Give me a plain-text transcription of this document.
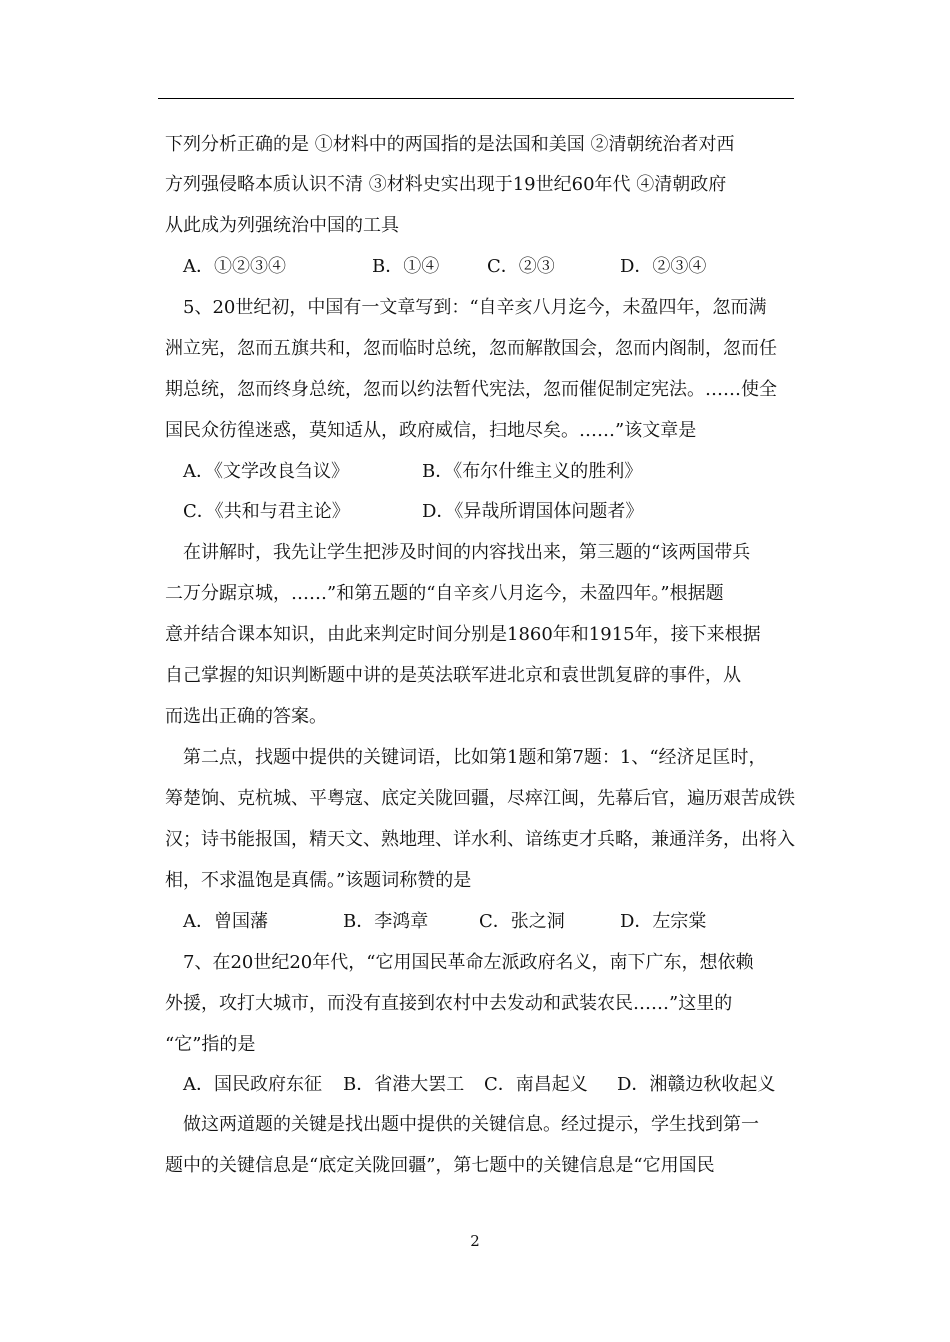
下列分析正确的是 ①材料中的两国指的是法国和美国 ②清朝统治者对西
方列强侵略本质认识不清 ③材料史实出现于19世纪60年代 ④清朝政府
从此成为列强统治中国的工具
A．①②③④	B．①④	C．②③	D．②③④
5、20世纪初，中国有一文章写到：“自辛亥八月迄今，未盈四年，忽而满
洲立宪，忽而五旗共和，忽而临时总统，忽而解散国会，忽而内阁制，忽而任
期总统，忽而终身总统，忽而以约法暂代宪法，忽而催促制定宪法。……使全
国民众彷徨迷惑，莫知适从，政府威信，扫地尽矣。……”该文章是
A．《文学改良刍议》	B．《布尔什维主义的胜利》
C．《共和与君主论》	D．《异哉所谓国体问题者》
在讲解时，我先让学生把涉及时间的内容找出来，第三题的“该两国带兵
二万分踞京城，……”和第五题的“自辛亥八月迄今，未盈四年。”根据题
意并结合课本知识，由此来判定时间分别是1860年和1915年，接下来根据
自己掌握的知识判断题中讲的是英法联军进北京和袁世凯复辟的事件，从
而选出正确的答案。
第二点，找题中提供的关键词语，比如第1题和第7题：1、“经济足匡时，
筹楚饷、克杭城、平粤寇、底定关陇回疆，尽瘁江闽，先幕后官，遍历艰苦成铁
汉；诗书能报国，精天文、熟地理、详水利、谙练吏才兵略，兼通洋务，出将入
相，不求温饱是真儒。”该题词称赞的是
A．曾国藩	B．李鸿章	C．张之洞	D．左宗棠
7、在20世纪20年代，“它用国民革命左派政府名义，南下广东，想依赖
外援，攻打大城市，而没有直接到农村中去发动和武装农民……”这里的
“它”指的是
A．国民政府东征 B．省港大罢工 C．南昌起义 D．湘赣边秋收起义
做这两道题的关键是找出题中提供的关键信息。经过提示，学生找到第一
题中的关键信息是“底定关陇回疆”，第七题中的关键信息是“它用国民
2
